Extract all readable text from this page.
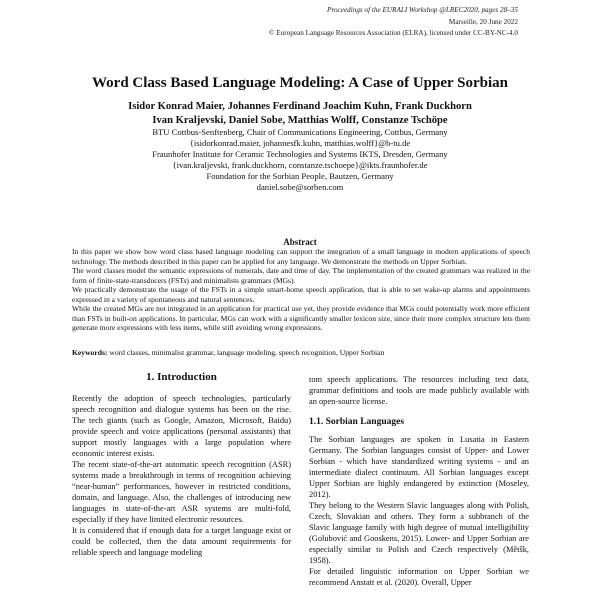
Proceedings of the EURALI Workshop @LREC2020, pages 28–35
Marseille, 20 June 2022
© European Language Resources Association (ELRA), licensed under CC-BY-NC-4.0
Word Class Based Language Modeling: A Case of Upper Sorbian
Isidor Konrad Maier, Johannes Ferdinand Joachim Kuhn, Frank Duckhorn
Ivan Kraljevski, Daniel Sobe, Matthias Wolff, Constanze Tschöpe
BTU Cottbus-Senftenberg, Chair of Communications Engineering, Cottbus, Germany
{isidorkonrad.maier, johannesfk.kuhn, matthias.wolff}@b-tu.de
Fraunhofer Institute for Ceramic Technologies and Systems IKTS, Dresden, Germany
{ivan.kraljevski, frank.duckhorn, constanze.tschoepe}@ikts.fraunhofer.de
Foundation for the Sorbian People, Bautzen, Germany
daniel.sobe@sorben.com
Abstract

In this paper we show how word class based language modeling can support the integration of a small language in modern applications of speech technology. The methods described in this paper can be applied for any language. We demonstrate the methods on Upper Sorbian.

The word classes model the semantic expressions of numerals, date and time of day. The implementation of the created grammars was realized in the form of finite-state-transducers (FSTs) and minimalists grammars (MGs).

We practically demonstrate the usage of the FSTs in a simple smart-home speech application, that is able to set wake-up alarms and appointments expressed in a variety of spontaneous and natural sentences.

While the created MGs are not integrated in an application for practical use yet, they provide evidence that MGs could potentially work more efficient than FSTs in built-on applications. In particular, MGs can work with a significantly smaller lexicon size, since their more complex structure lets them generate more expressions with less items, while still avoiding wrong expressions.

Keywords: word classes, minimalist grammar, language modeling, speech recognition, Upper Sorbian
1. Introduction

Recently the adoption of speech technologies, particularly speech recognition and dialogue systems has been on the rise. The tech giants (such as Google, Amazon, Microsoft, Baidu) provide speech and voice applications (personal assistants) that support mostly languages with a large population where economic interest exists.

The recent state-of-the-art automatic speech recognition (ASR) systems made a breakthrough in terms of recognition achieving “near-human” performances, however in restricted conditions, domain, and language. Also, the challenges of introducing new languages in state-of-the-art ASR systems are multi-fold, especially if they have limited electronic resources.

It is considered that if enough data for a target language exist or could be collected, then the data amount requirements for reliable speech and language modeling

tom speech applications. The resources including text data, grammar definitions and tools are made publicly available with an open-source license.

1.1. Sorbian Languages

The Sorbian languages are spoken in Lusatia in Eastern Germany. The Sorbian languages consist of Upper- and Lower Sorbian - which have standardized writing systems - and an intermediate dialect continuum. All Sorbian languages except Upper Sorbian are highly endangered by extinction (Moseley, 2012).

They belong to the Western Slavic languages along with Polish, Czech, Slovakian and others. They form a subbranch of the Slavic language family with high degree of mutual intelligibility (Golubović and Gooskens, 2015). Lower- and Upper Sorbian are especially similar to Polish and Czech respectively (Mětšk, 1958).

For detailed linguistic information on Upper Sorbian we recommend Anstatt et al. (2020). Overall, Upper
